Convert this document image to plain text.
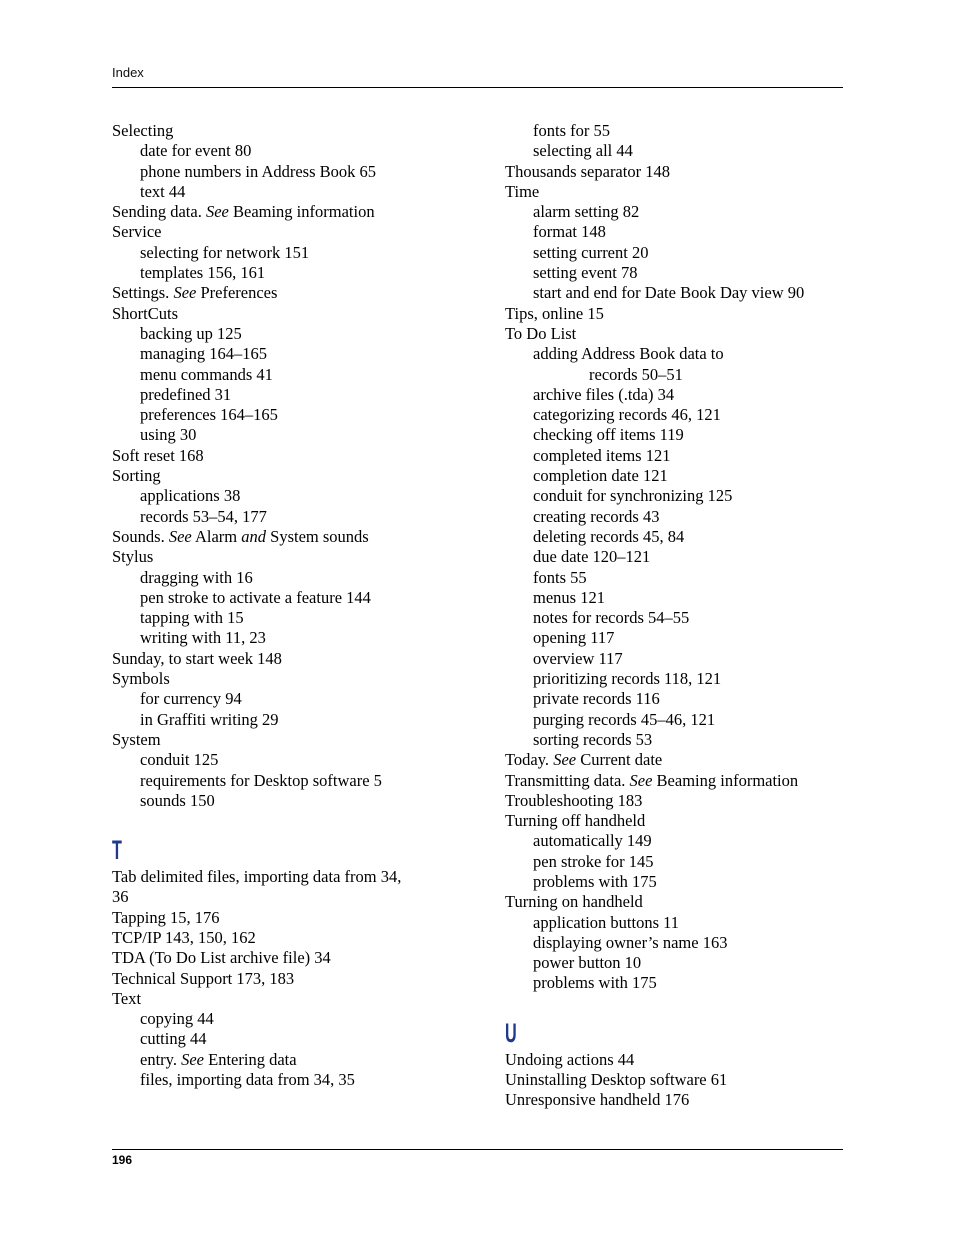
Index
Selecting
date for event 80
phone numbers in Address Book 65
text 44
Sending data. See Beaming information
Service
selecting for network 151
templates 156, 161
Settings. See Preferences
ShortCuts
backing up 125
managing 164–165
menu commands 41
predefined 31
preferences 164–165
using 30
Soft reset 168
Sorting
applications 38
records 53–54, 177
Sounds. See Alarm and System sounds
Stylus
dragging with 16
pen stroke to activate a feature 144
tapping with 15
writing with 11, 23
Sunday, to start week 148
Symbols
for currency 94
in Graffiti writing 29
System
conduit 125
requirements for Desktop software 5
sounds 150
T
Tab delimited files, importing data from 34,
36
Tapping 15, 176
TCP/IP 143, 150, 162
TDA (To Do List archive file) 34
Technical Support 173, 183
Text
copying 44
cutting 44
entry. See Entering data
files, importing data from 34, 35
fonts for 55
selecting all 44
Thousands separator 148
Time
alarm setting 82
format 148
setting current 20
setting event 78
start and end for Date Book Day view 90
Tips, online 15
To Do List
adding Address Book data to
records 50–51
archive files (.tda) 34
categorizing records 46, 121
checking off items 119
completed items 121
completion date 121
conduit for synchronizing 125
creating records 43
deleting records 45, 84
due date 120–121
fonts 55
menus 121
notes for records 54–55
opening 117
overview 117
prioritizing records 118, 121
private records 116
purging records 45–46, 121
sorting records 53
Today. See Current date
Transmitting data. See Beaming information
Troubleshooting 183
Turning off handheld
automatically 149
pen stroke for 145
problems with 175
Turning on handheld
application buttons 11
displaying owner’s name 163
power button 10
problems with 175
U
Undoing actions 44
Uninstalling Desktop software 61
Unresponsive handheld 176
196
